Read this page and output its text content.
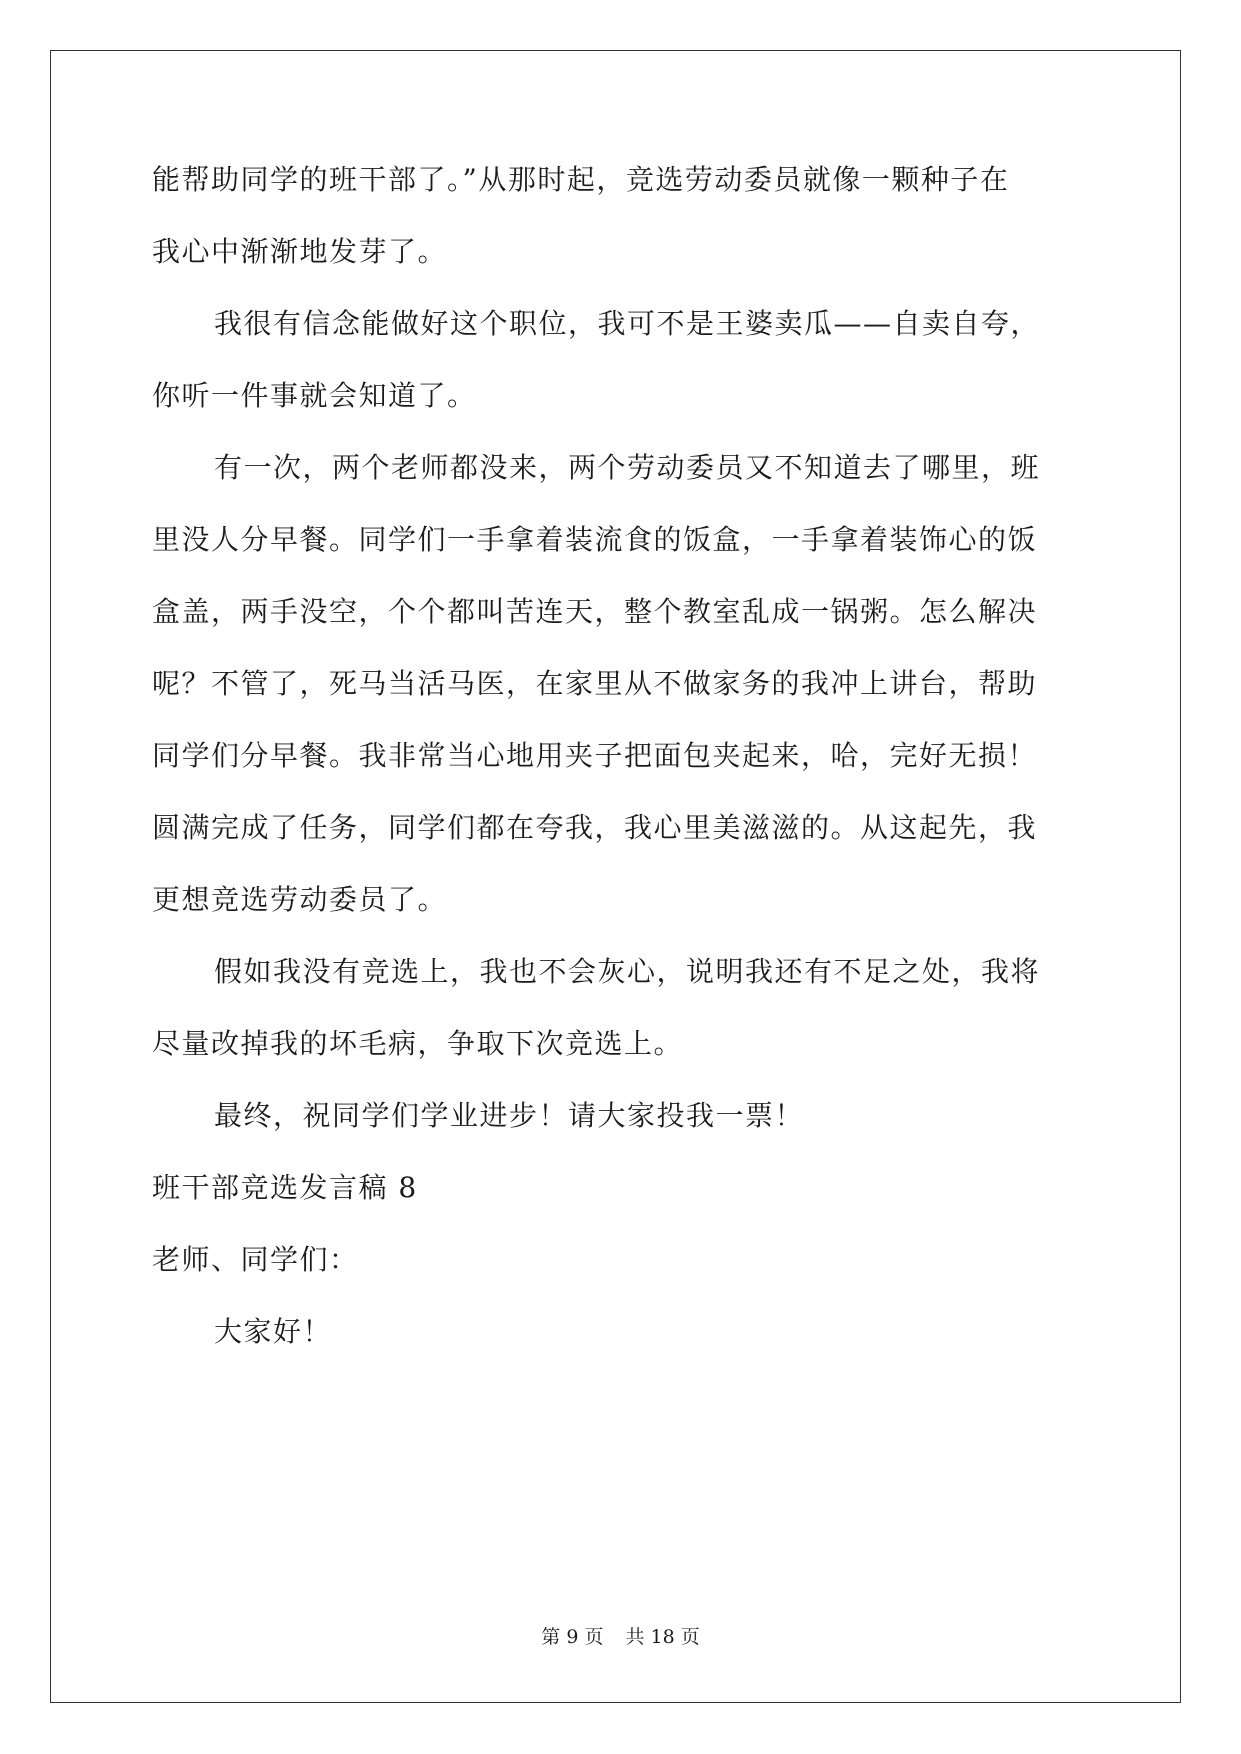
能帮助同学的班干部了。”从那时起，竞选劳动委员就像一颗种子在
我心中渐渐地发芽了。
我很有信念能做好这个职位，我可不是王婆卖瓜——自卖自夸，
你听一件事就会知道了。
有一次，两个老师都没来，两个劳动委员又不知道去了哪里，班
里没人分早餐。同学们一手拿着装流食的饭盒，一手拿着装饰心的饭
盒盖，两手没空，个个都叫苦连天，整个教室乱成一锅粥。怎么解决
呢？不管了，死马当活马医，在家里从不做家务的我冲上讲台，帮助
同学们分早餐。我非常当心地用夹子把面包夹起来，哈，完好无损！
圆满完成了任务，同学们都在夸我，我心里美滋滋的。从这起先，我
更想竞选劳动委员了。
假如我没有竞选上，我也不会灰心，说明我还有不足之处，我将
尽量改掉我的坏毛病，争取下次竞选上。
最终，祝同学们学业进步！请大家投我一票！
班干部竞选发言稿 8
老师、同学们：
大家好！
第 9 页 共 18 页
